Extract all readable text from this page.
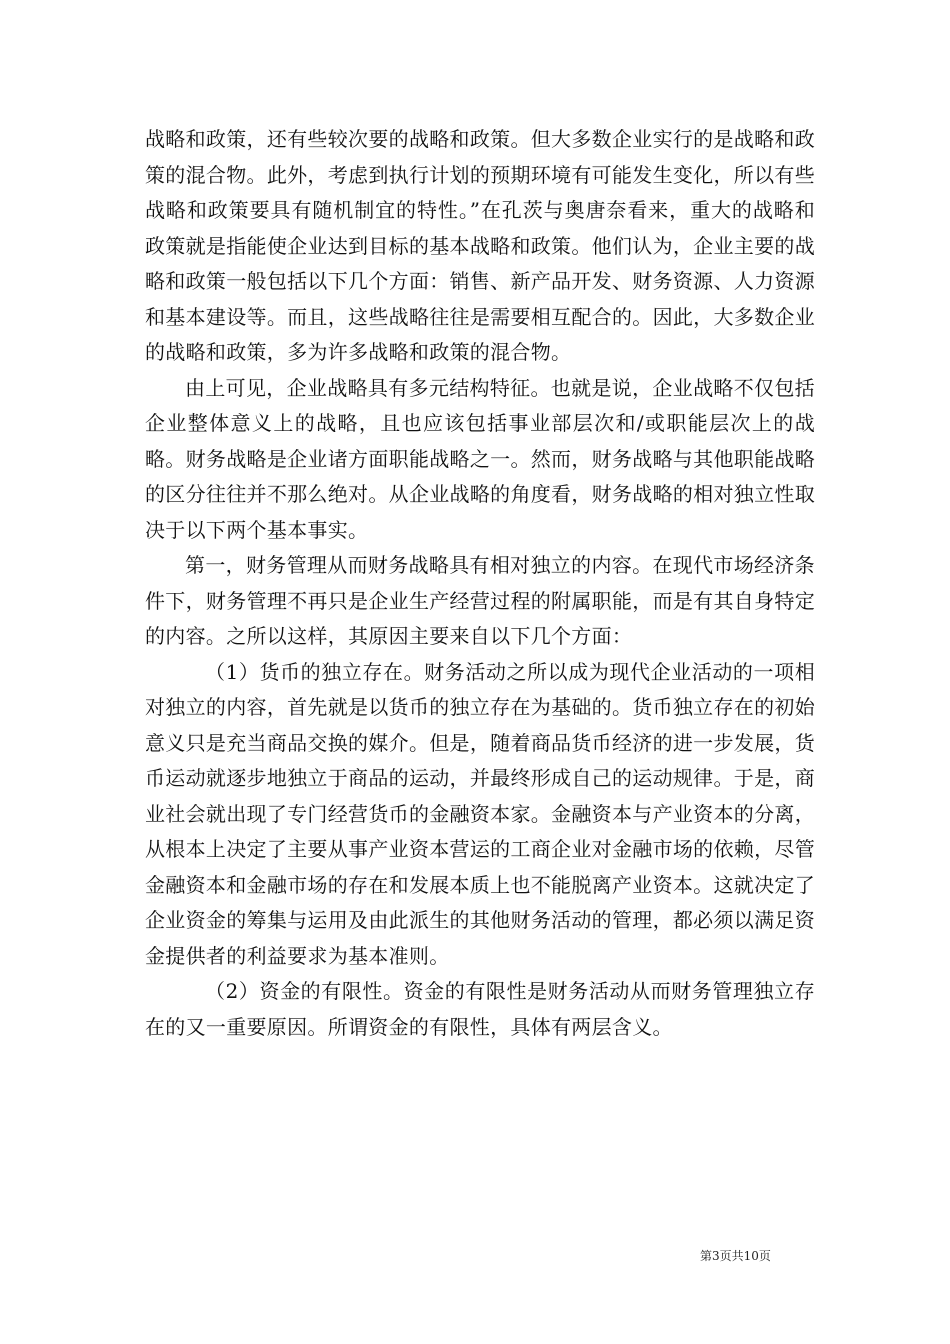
战略和政策，还有些较次要的战略和政策。但大多数企业实行的是战略和政策的混合物。此外，考虑到执行计划的预期环境有可能发生变化，所以有些战略和政策要具有随机制宜的特性。”在孔茨与奥唐奈看来，重大的战略和政策就是指能使企业达到目标的基本战略和政策。他们认为，企业主要的战略和政策一般包括以下几个方面：销售、新产品开发、财务资源、人力资源和基本建设等。而且，这些战略往往是需要相互配合的。因此，大多数企业的战略和政策，多为许多战略和政策的混合物。

由上可见，企业战略具有多元结构特征。也就是说，企业战略不仅包括企业整体意义上的战略，且也应该包括事业部层次和/或职能层次上的战略。财务战略是企业诸方面职能战略之一。然而，财务战略与其他职能战略的区分往往并不那么绝对。从企业战略的角度看，财务战略的相对独立性取决于以下两个基本事实。

第一，财务管理从而财务战略具有相对独立的内容。在现代市场经济条件下，财务管理不再只是企业生产经营过程的附属职能，而是有其自身特定的内容。之所以这样，其原因主要来自以下几个方面：

（1）货币的独立存在。财务活动之所以成为现代企业活动的一项相对独立的内容，首先就是以货币的独立存在为基础的。货币独立存在的初始意义只是充当商品交换的媒介。但是，随着商品货币经济的进一步发展，货币运动就逐步地独立于商品的运动，并最终形成自己的运动规律。于是，商业社会就出现了专门经营货币的金融资本家。金融资本与产业资本的分离，从根本上决定了主要从事产业资本营运的工商企业对金融市场的依赖，尽管金融资本和金融市场的存在和发展本质上也不能脱离产业资本。这就决定了企业资金的筹集与运用及由此派生的其他财务活动的管理，都必须以满足资金提供者的利益要求为基本准则。

（2）资金的有限性。资金的有限性是财务活动从而财务管理独立存在的又一重要原因。所谓资金的有限性，具体有两层含义。

第3页共10页
